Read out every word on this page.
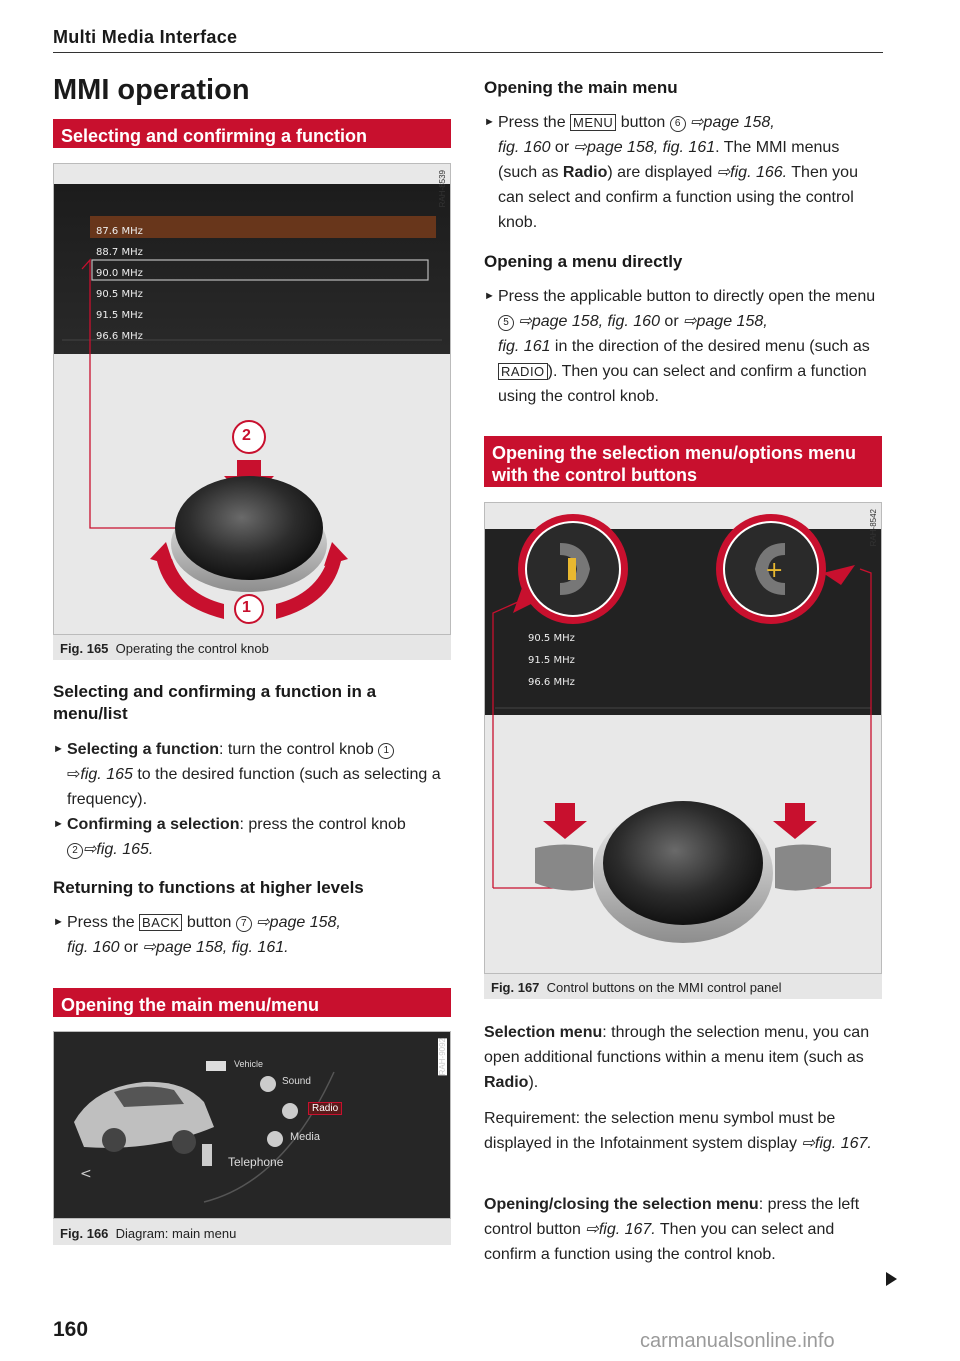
Multi Media Interface
MMI operation
Selecting and confirming a function
87.6 MHz
88.7 MHz
90.0 MHz
90.5 MHz
91.5 MHz
96.6 MHz
2
1
RAH-8539
Fig. 165 Operating the control knob
Selecting and confirming a function in a menu/list
► Selecting a function: turn the control knob 1
⇨fig. 165 to the desired function (such as selecting a frequency).
► Confirming a selection: press the control knob
2 ⇨fig. 165.
Returning to functions at higher levels
► Press the BACK button 7 ⇨page 158,
fig. 160 or ⇨page 158, fig. 161.
Opening the main menu/menu
<
Vehicle
Sound
Radio
Media
Telephone
RAH-9092
Fig. 166 Diagram: main menu
Opening the main menu
► Press the MENU button 6 ⇨page 158,
fig. 160 or ⇨page 158, fig. 161. The MMI menus (such as Radio) are displayed ⇨fig. 166. Then you can select and confirm a function using the control knob.
Opening a menu directly
► Press the applicable button to directly open the menu 5 ⇨page 158, fig. 160 or ⇨page 158,
fig. 161 in the direction of the desired menu (such as RADIO ). Then you can select and confirm a function using the control knob.
Opening the selection menu/options menu with the control buttons
+
90.5 MHz
91.5 MHz
96.6 MHz
RAH-8542
Fig. 167 Control buttons on the MMI control panel
Selection menu: through the selection menu, you can open additional functions within a menu item (such as Radio).
Requirement: the selection menu symbol must be displayed in the Infotainment system display ⇨fig. 167.
Opening/closing the selection menu: press the left control button ⇨fig. 167. Then you can select and confirm a function using the control knob.
160	carmanualsonline.info
